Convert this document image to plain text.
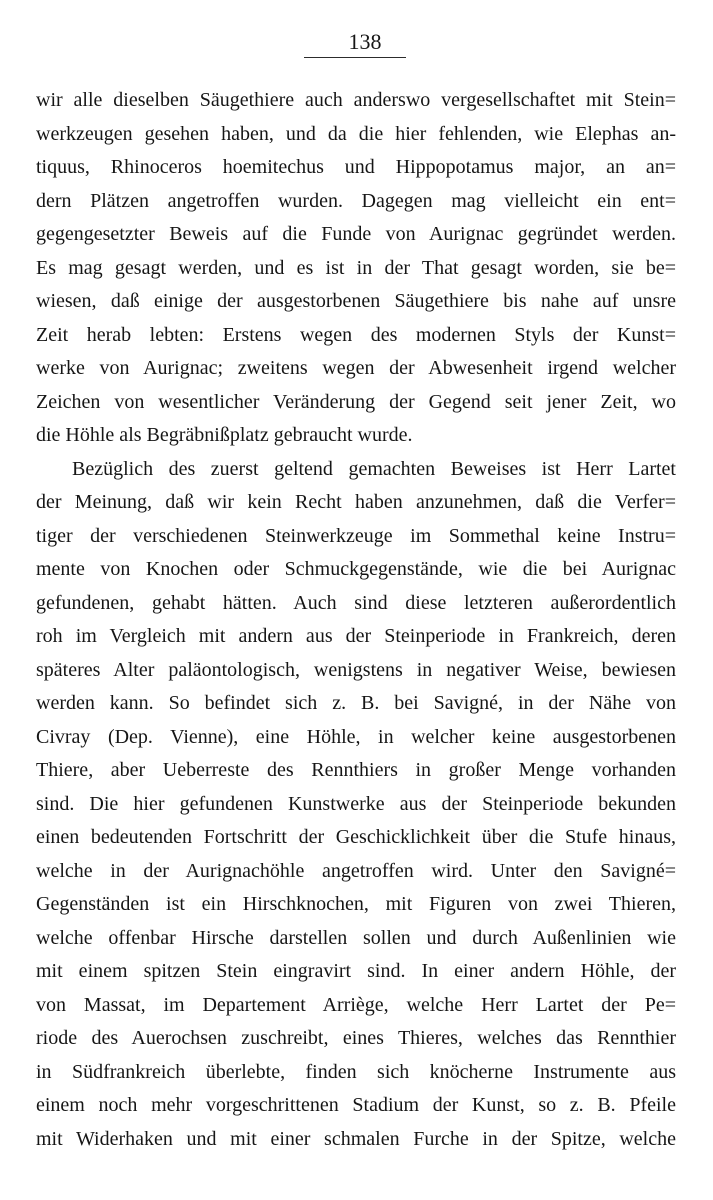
138
wir alle dieselben Säugethiere auch anderswo vergesellschaftet mit Stein=
werkzeugen gesehen haben, und da die hier fehlenden, wie Elephas an-
tiquus, Rhinoceros hoemitechus und Hippopotamus major, an an=
dern Plätzen angetroffen wurden. Dagegen mag vielleicht ein ent=
gegengesetzter Beweis auf die Funde von Aurignac gegründet werden.
Es mag gesagt werden, und es ist in der That gesagt worden, sie be=
wiesen, daß einige der ausgestorbenen Säugethiere bis nahe auf unsre
Zeit herab lebten: Erstens wegen des modernen Styls der Kunst=
werke von Aurignac; zweitens wegen der Abwesenheit irgend welcher
Zeichen von wesentlicher Veränderung der Gegend seit jener Zeit, wo
die Höhle als Begräbnißplatz gebraucht wurde.
Bezüglich des zuerst geltend gemachten Beweises ist Herr Lartet
der Meinung, daß wir kein Recht haben anzunehmen, daß die Verfer=
tiger der verschiedenen Steinwerkzeuge im Sommethal keine Instru=
mente von Knochen oder Schmuckgegenstände, wie die bei Aurignac
gefundenen, gehabt hätten. Auch sind diese letzteren außerordentlich
roh im Vergleich mit andern aus der Steinperiode in Frankreich, deren
späteres Alter paläontologisch, wenigstens in negativer Weise, bewiesen
werden kann. So befindet sich z. B. bei Savigné, in der Nähe von
Civray (Dep. Vienne), eine Höhle, in welcher keine ausgestorbenen
Thiere, aber Ueberreste des Rennthiers in großer Menge vorhanden
sind. Die hier gefundenen Kunstwerke aus der Steinperiode bekunden
einen bedeutenden Fortschritt der Geschicklichkeit über die Stufe hinaus,
welche in der Aurignachöhle angetroffen wird. Unter den Savigné=
Gegenständen ist ein Hirschknochen, mit Figuren von zwei Thieren,
welche offenbar Hirsche darstellen sollen und durch Außenlinien wie
mit einem spitzen Stein eingravirt sind. In einer andern Höhle, der
von Massat, im Departement Arriège, welche Herr Lartet der Pe=
riode des Auerochsen zuschreibt, eines Thieres, welches das Rennthier
in Südfrankreich überlebte, finden sich knöcherne Instrumente aus
einem noch mehr vorgeschrittenen Stadium der Kunst, so z. B. Pfeile
mit Widerhaken und mit einer schmalen Furche in der Spitze, welche
